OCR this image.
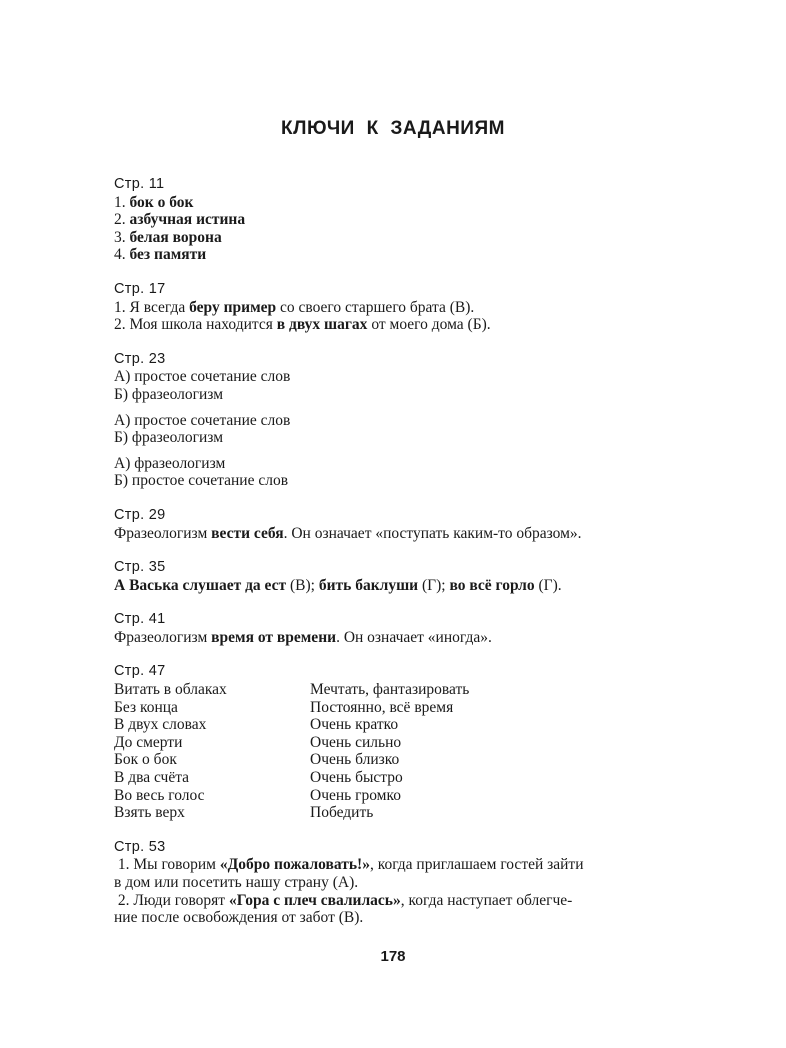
КЛЮЧИ К ЗАДАНИЯМ
Стр. 11
1. бок о бок
2. азбучная истина
3. белая ворона
4. без памяти
Стр. 17
1. Я всегда беру пример со своего старшего брата (В).
2. Моя школа находится в двух шагах от моего дома (Б).
Стр. 23
А) простое сочетание слов
Б) фразеологизм
А) простое сочетание слов
Б) фразеологизм
А) фразеологизм
Б) простое сочетание слов
Стр. 29
Фразеологизм вести себя. Он означает «поступать каким-то образом».
Стр. 35
А Васька слушает да ест (В); бить баклуши (Г); во всё горло (Г).
Стр. 41
Фразеологизм время от времени. Он означает «иногда».
Стр. 47
Витать в облаках	Мечтать, фантазировать
Без конца	Постоянно, всё время
В двух словах	Очень кратко
До смерти	Очень сильно
Бок о бок	Очень близко
В два счёта	Очень быстро
Во весь голос	Очень громко
Взять верх	Победить
Стр. 53
1. Мы говорим «Добро пожаловать!», когда приглашаем гостей зайти
в дом или посетить нашу страну (А).
2. Люди говорят «Гора с плеч свалилась», когда наступает облегче-
ние после освобождения от забот (В).
178
